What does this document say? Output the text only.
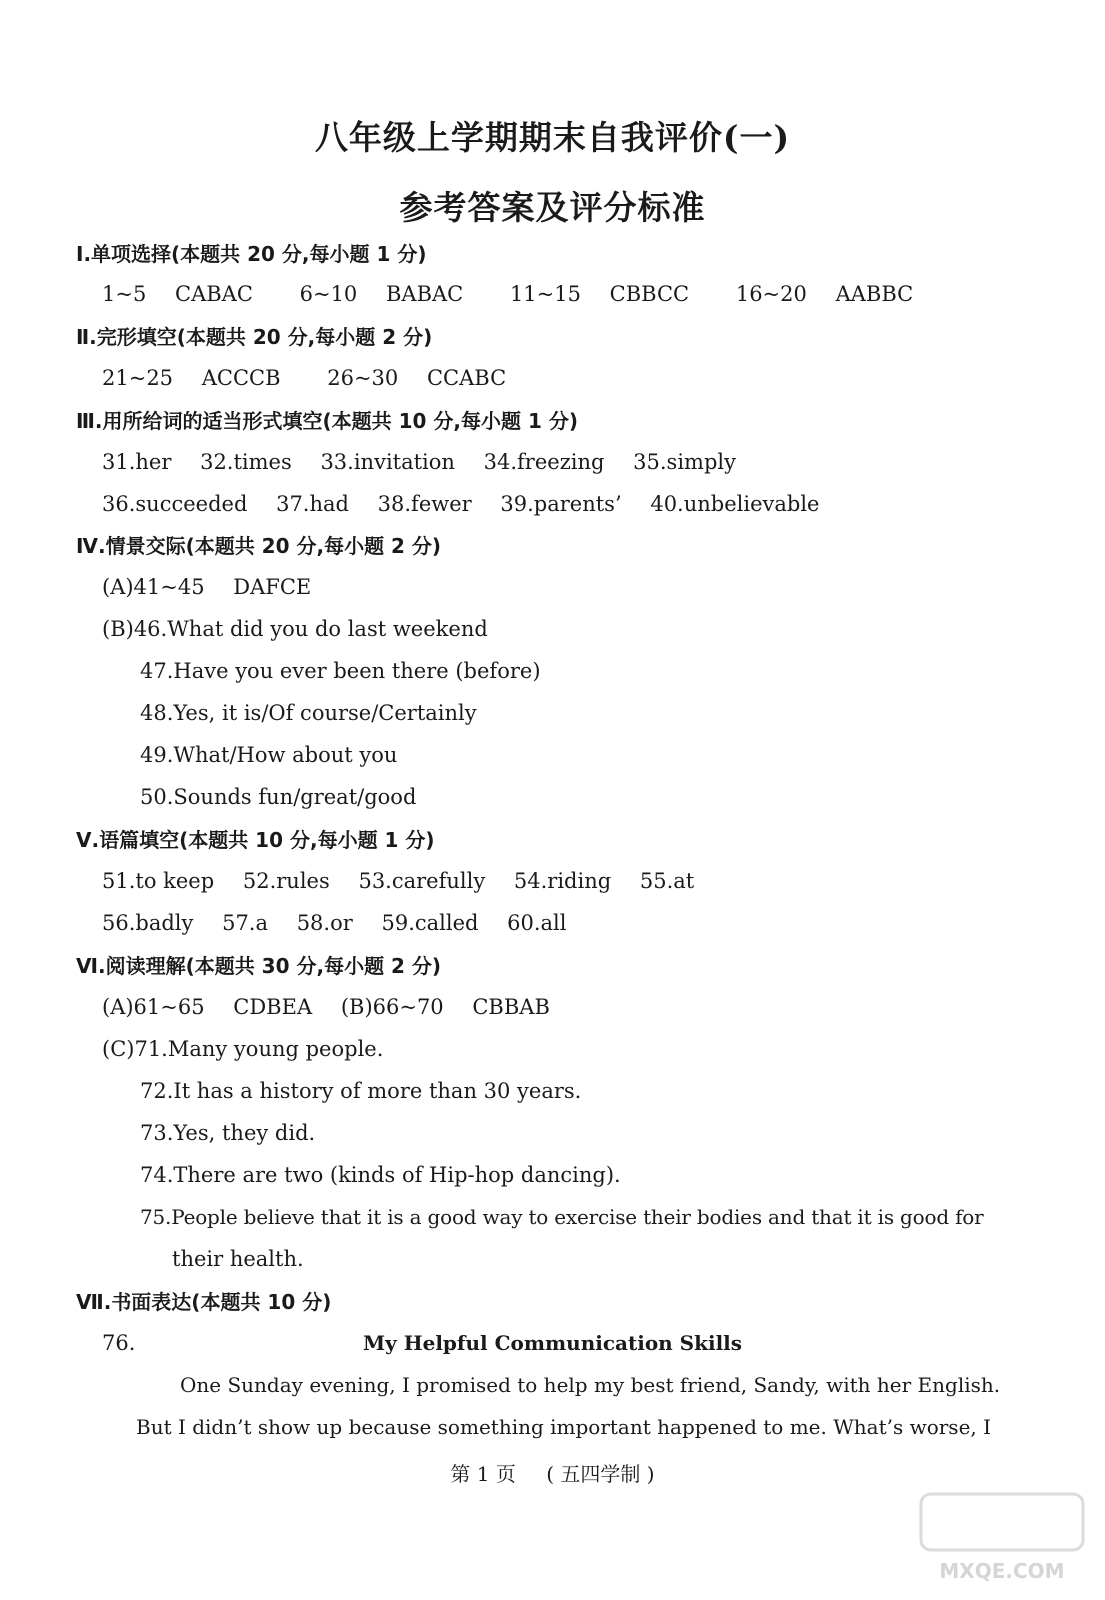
八年级上学期期末自我评价(一)
参考答案及评分标准
Ⅰ.单项选择(本题共 20 分,每小题 1 分)
1~5 CABAC 6~10 BABAC 11~15 CBBCC 16~20 AABBC
Ⅱ.完形填空(本题共 20 分,每小题 2 分)
21~25 ACCCB 26~30 CCABC
Ⅲ.用所给词的适当形式填空(本题共 10 分,每小题 1 分)
31.her 32.times 33.invitation 34.freezing 35.simply
36.succeeded 37.had 38.fewer 39.parents’ 40.unbelievable
Ⅳ.情景交际(本题共 20 分,每小题 2 分)
(A)41~45 DAFCE
(B)46.What did you do last weekend
47.Have you ever been there (before)
48.Yes, it is/Of course/Certainly
49.What/How about you
50.Sounds fun/great/good
Ⅴ.语篇填空(本题共 10 分,每小题 1 分)
51.to keep 52.rules 53.carefully 54.riding 55.at
56.badly 57.a 58.or 59.called 60.all
Ⅵ.阅读理解(本题共 30 分,每小题 2 分)
(A)61~65 CDBEA (B)66~70 CBBAB
(C)71.Many young people.
72.It has a history of more than 30 years.
73.Yes, they did.
74.There are two (kinds of Hip-hop dancing).
75.People believe that it is a good way to exercise their bodies and that it is good for
their health.
Ⅶ.书面表达(本题共 10 分)
76.	My Helpful Communication Skills
One Sunday evening, I promised to help my best friend, Sandy, with her English.
But I didn’t show up because something important happened to me. What’s worse, I
第 1 页 ( 五四学制 )
MXQE.COM
